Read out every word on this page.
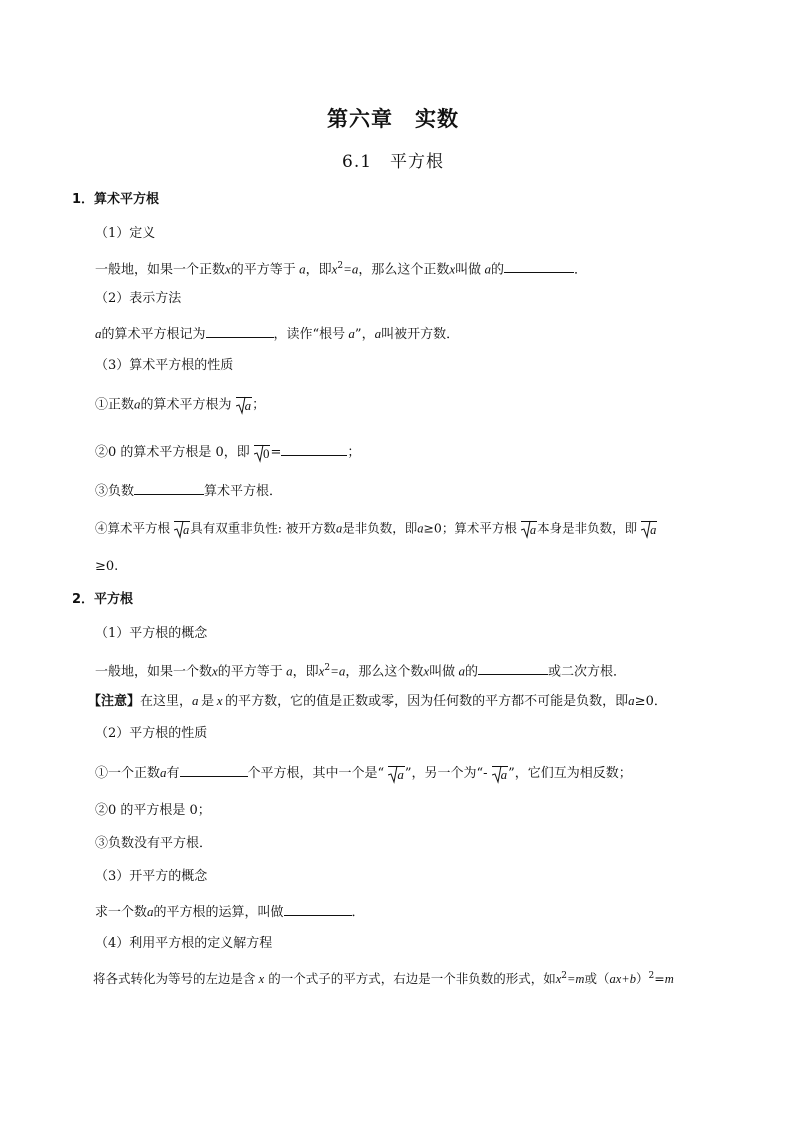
第六章　实数
6.1　平方根
1．算术平方根
（1）定义
一般地，如果一个正数x的平方等于 a，即$x^2=a$，那么这个正数x叫做 a的	．
（2）表示方法
a的算术平方根记为	，读作“根号 a”，a叫被开方数．
（3）算术平方根的性质
①正数a的算术平方根为 a；
②0 的算术平方根是 0，即 0=	；
③负数	算术平方根．
④算术平方根 a具有双重非负性: 被开方数a是非负数，即a≥0；算术平方根 a本身是非负数，即 a
≥0.
2．平方根
（1）平方根的概念
一般地，如果一个数x的平方等于 a，即$x^2=a$，那么这个数x叫做 a的	或二次方根．
【注意】在这里，a  是  x  的平方数，它的值是正数或零，因为任何数的平方都不可能是负数，即a≥0．
（2）平方根的性质
①一个正数a有	个平方根，其中一个是“ a”，另一个为“- a”，它们互为相反数；
②0 的平方根是 0；
③负数没有平方根．
（3）开平方的概念
求一个数a的平方根的运算，叫做	．
（4）利用平方根的定义解方程
将各式转化为等号的左边是含 x 的一个式子的平方式，右边是一个非负数的形式，如$x^2=m$或$(ax+b)^2=m$
